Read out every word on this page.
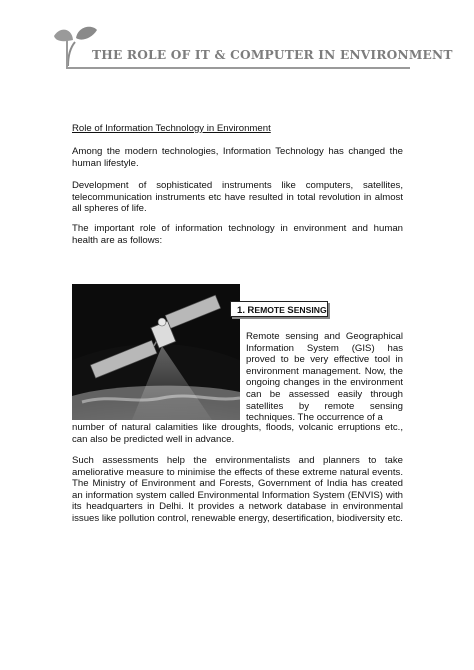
THE ROLE OF IT & COMPUTER IN ENVIRONMENT
Role of Information Technology in Environment
Among the modern technologies, Information Technology has changed the human lifestyle.
Development of sophisticated instruments like computers, satellites, telecommunication instruments etc have resulted in total revolution in almost all spheres of life.
The important role of information technology in environment and human health are as follows:
1. REMOTE SENSING
Remote sensing and Geographical Information System (GIS) has proved to be very effective tool in environment management. Now, the ongoing changes in the environment can be assessed easily through satellites by remote sensing techniques. The occurrence of a
number of natural calamities like droughts, floods, volcanic erruptions etc., can also be predicted well in advance.
Such assessments help the environmentalists and planners to take ameliorative measure to minimise the effects of these extreme natural events. The Ministry of Environment and Forests, Government of India has created an information system called Environmental Information System (ENVIS) with its headquarters in Delhi. It provides a network database in environmental issues like pollution control, renewable energy, desertification, biodiversity etc.
